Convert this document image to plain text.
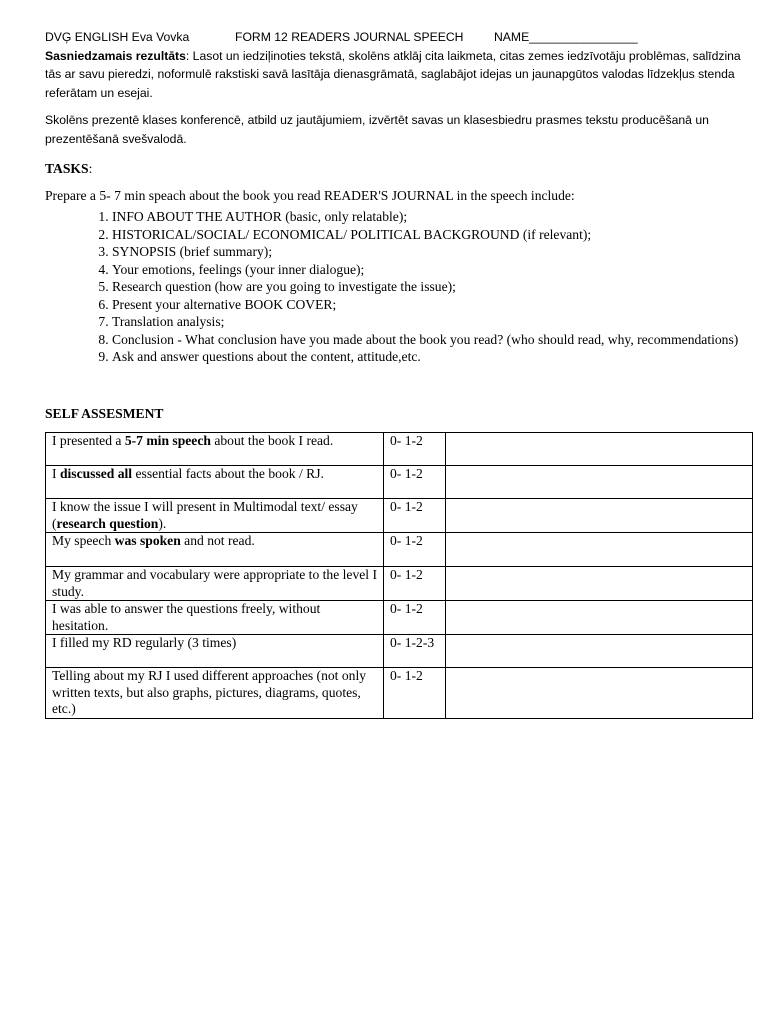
DVĢ ENGLISH Eva Vovka	FORM 12 READERS JOURNAL SPEECH	NAME________________

Sasniedzamais rezultāts: Lasot un iedziļinoties tekstā, skolēns atklāj cita laikmeta, citas zemes iedzīvotāju problēmas, salīdzina tās ar savu pieredzi, noformulē rakstiski savā lasītāja dienasgrāmatā, saglabājot idejas un jaunapgūtos valodas līdzekļus stenda referātam un esejai.

Skolēns prezentē klases konferencē, atbild uz jautājumiem, izvērtēt savas un klasesbiedru prasmes tekstu producēšanā un prezentēšanā svešvalodā.

TASKS:
Prepare a 5- 7 min speach about the book you read READER'S JOURNAL in the speech include:
1. INFO ABOUT THE AUTHOR (basic, only relatable);
2. HISTORICAL/SOCIAL/ ECONOMICAL/ POLITICAL BACKGROUND (if relevant);
3. SYNOPSIS (brief summary);
4. Your emotions, feelings (your inner dialogue);
5. Research question (how are you going to investigate the issue);
6. Present your alternative BOOK COVER;
7. Translation analysis;
8. Conclusion - What conclusion have you made about the book you read? (who should read, why, recommendations)
9. Ask and answer questions about the content, attitude,etc.
SELF ASSESMENT
I presented a 5-7 min speech about the book I read.	0- 1-2	
I discussed all essential facts about the book / RJ.	0- 1-2	
I know the issue I will present in Multimodal text/ essay (research question).	0- 1-2	
My speech was spoken and not read.	0- 1-2	
My grammar and vocabulary were appropriate to the level I study.	0- 1-2	
I was able to answer the questions freely, without hesitation.	0- 1-2	
I filled my RD regularly (3 times)	0- 1-2-3	
Telling about my RJ I used different approaches (not only written texts, but also graphs, pictures, diagrams, quotes, etc.)	0- 1-2	
